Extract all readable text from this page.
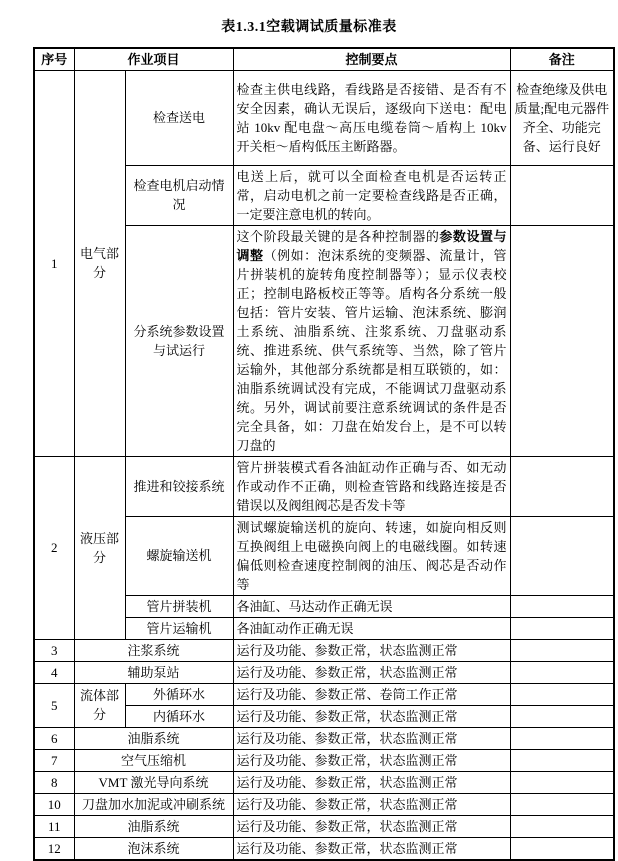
表1.3.1空载调试质量标准表
序号	作业项目		控制要点	备注
1	电气部分	检查送电	检查主供电线路，看线路是否接错、是否有不安全因素，确认无误后，逐级向下送电：配电站 10kv 配电盘～高压电缆卷筒～盾构上 10kv 开关柜～盾构低压主断路器。	检查绝缘及供电质量;配电元器件齐全、功能完备、运行良好
		检查电机启动情况	电送上后，就可以全面检查电机是否运转正常，启动电机之前一定要检查线路是否正确，一定要注意电机的转向。	
		分系统参数设置与试运行	这个阶段最关键的是各种控制器的参数设置与调整（例如：泡沫系统的变频器、流量计，管片拼装机的旋转角度控制器等）；显示仪表校正；控制电路板校正等等。盾构各分系统一般包括：管片安装、管片运输、泡沫系统、膨润土系统、油脂系统、注浆系统、刀盘驱动系统、推进系统、供气系统等、当然，除了管片运输外，其他部分系统都是相互联锁的，如：油脂系统调试没有完成，不能调试刀盘驱动系统。另外，调试前要注意系统调试的条件是否完全具备，如：刀盘在始发台上，是不可以转刀盘的	
2	液压部分	推进和铰接系统	管片拼装模式看各油缸动作正确与否、如无动作或动作不正确，则检查管路和线路连接是否错误以及阀组阀芯是否发卡等	
		螺旋输送机	测试螺旋输送机的旋向、转速，如旋向相反则互换阀组上电磁换向阀上的电磁线圈。如转速偏低则检查速度控制阀的油压、阀芯是否动作等	
		管片拼装机	各油缸、马达动作正确无误	
		管片运输机	各油缸动作正确无误	
3	注浆系统		运行及功能、参数正常，状态监测正常	
4	辅助泵站		运行及功能、参数正常，状态监测正常	
5	流体部分	外循环水	运行及功能、参数正常、卷筒工作正常	
		内循环水	运行及功能、参数正常，状态监测正常	
6	油脂系统		运行及功能、参数正常，状态监测正常	
7	空气压缩机		运行及功能、参数正常，状态监测正常	
8	VMT 激光导向系统		运行及功能、参数正常，状态监测正常	
10	刀盘加水加泥或冲刷系统		运行及功能、参数正常，状态监测正常	
11	油脂系统		运行及功能、参数正常，状态监测正常	
12	泡沫系统		运行及功能、参数正常，状态监测正常	
